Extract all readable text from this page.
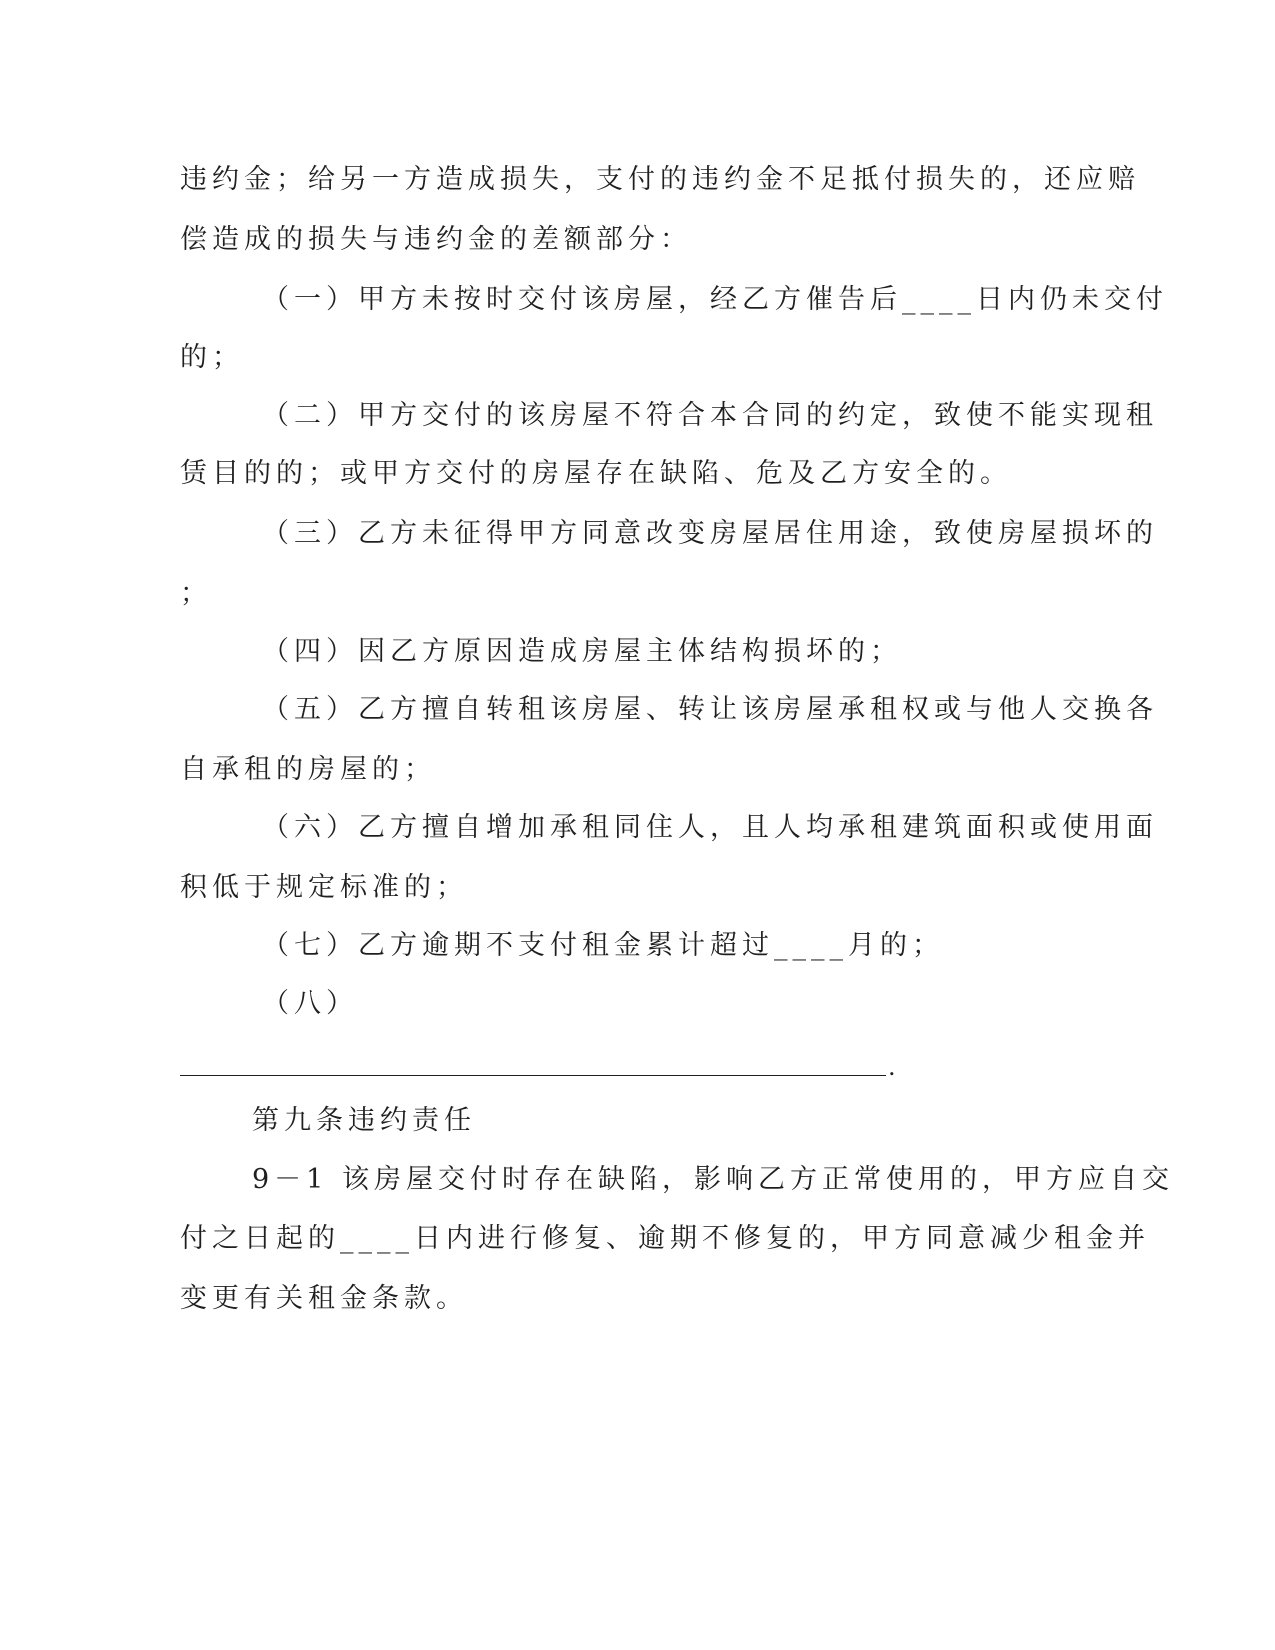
违约金；给另一方造成损失，支付的违约金不足抵付损失的，还应赔
偿造成的损失与违约金的差额部分：
（一）甲方未按时交付该房屋，经乙方催告后____日内仍未交付
的；
（二）甲方交付的该房屋不符合本合同的约定，致使不能实现租
赁目的的；或甲方交付的房屋存在缺陷、危及乙方安全的。
（三）乙方未征得甲方同意改变房屋居住用途，致使房屋损坏的
；
（四）因乙方原因造成房屋主体结构损坏的；
（五）乙方擅自转租该房屋、转让该房屋承租权或与他人交换各
自承租的房屋的；
（六）乙方擅自增加承租同住人，且人均承租建筑面积或使用面
积低于规定标准的；
（七）乙方逾期不支付租金累计超过____月的；
（八）
.
第九条违约责任
9－1 该房屋交付时存在缺陷，影响乙方正常使用的，甲方应自交
付之日起的____日内进行修复、逾期不修复的，甲方同意减少租金并
变更有关租金条款。
